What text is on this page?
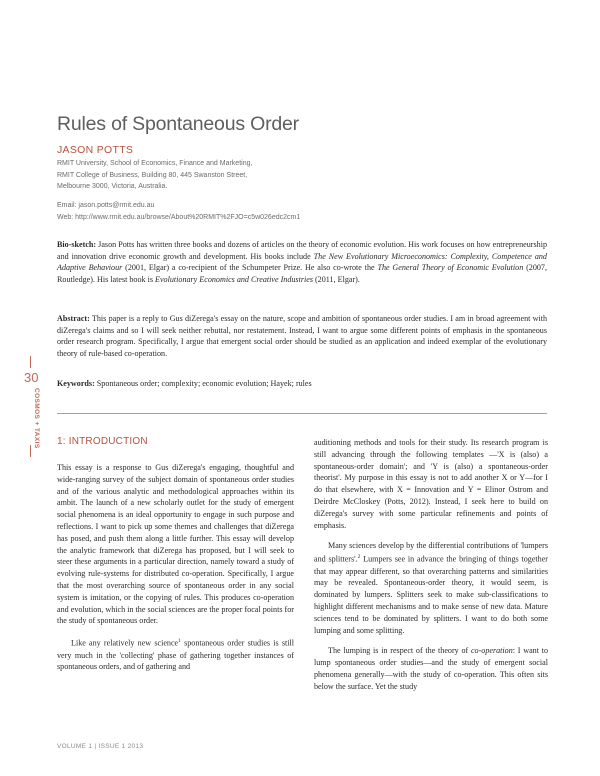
Rules of Spontaneous Order
JASON POTTS
RMIT University, School of Economics, Finance and Marketing,
RMIT College of Business, Building 80, 445 Swanston Street,
Melbourne 3000, Victoria, Australia.
Email: jason.potts@rmit.edu.au
Web: http://www.rmit.edu.au/browse/About%20RMIT%2FJO=c5w026edc2cm1
Bio-sketch: Jason Potts has written three books and dozens of articles on the theory of economic evolution. His work focuses on how entrepreneurship and innovation drive economic growth and development. His books include The New Evolutionary Microeconomics: Complexity, Competence and Adaptive Behaviour (2001, Elgar) a co-recipient of the Schumpeter Prize. He also co-wrote the The General Theory of Economic Evolution (2007, Routledge). His latest book is Evolutionary Economics and Creative Industries (2011, Elgar).
Abstract: This paper is a reply to Gus diZerega's essay on the nature, scope and ambition of spontaneous order studies. I am in broad agreement with diZerega's claims and so I will seek neither rebuttal, nor restatement. Instead, I want to argue some different points of emphasis in the spontaneous order research program. Specifically, I argue that emergent social order should be studied as an application and indeed exemplar of the evolutionary theory of rule-based co-operation.
Keywords: Spontaneous order; complexity; economic evolution; Hayek; rules
30
COSMOS + TAXIS 1: INTRODUCTION

This essay is a response to Gus diZerega's engaging, thoughtful and wide-ranging survey of the subject domain of spontaneous order studies and of the various analytic and methodological approaches within its ambit. The launch of a new scholarly outlet for the study of emergent social phenomena is an ideal opportunity to engage in such purpose and reflections. I want to pick up some themes and challenges that diZerega has posed, and push them along a little further. This essay will develop the analytic framework that diZerega has proposed, but I will seek to steer these arguments in a particular direction, namely toward a study of evolving rule-systems for distributed co-operation. Specifically, I argue that the most overarching source of spontaneous order in any social system is imitation, or the copying of rules. This produces co-operation and evolution, which in the social sciences are the proper focal points for the study of spontaneous order.

Like any relatively new science$^1$ spontaneous order studies is still very much in the 'collecting' phase of gathering together instances of spontaneous orders, and of gathering and

auditioning methods and tools for their study. Its research program is still advancing through the following templates —'X is (also) a spontaneous-order domain'; and 'Y is (also) a spontaneous-order theorist'. My purpose in this essay is not to add another X or Y—for I do that elsewhere, with X = Innovation and Y = Elinor Ostrom and Deirdre McCloskey (Potts, 2012). Instead, I seek here to build on diZerega's survey with some particular refinements and points of emphasis.

Many sciences develop by the differential contributions of 'lumpers and splitters'.$^2$ Lumpers see in advance the bringing of things together that may appear different, so that overarching patterns and similarities may be revealed. Spontaneous-order theory, it would seem, is dominated by lumpers. Splitters seek to make sub-classifications to highlight different mechanisms and to make sense of new data. Mature sciences tend to be dominated by splitters. I want to do both some lumping and some splitting.

The lumping is in respect of the theory of co-operation: I want to lump spontaneous order studies—and the study of emergent social phenomena generally—with the study of co-operation. This often sits below the surface. Yet the study

VOLUME 1 | ISSUE 1 2013
